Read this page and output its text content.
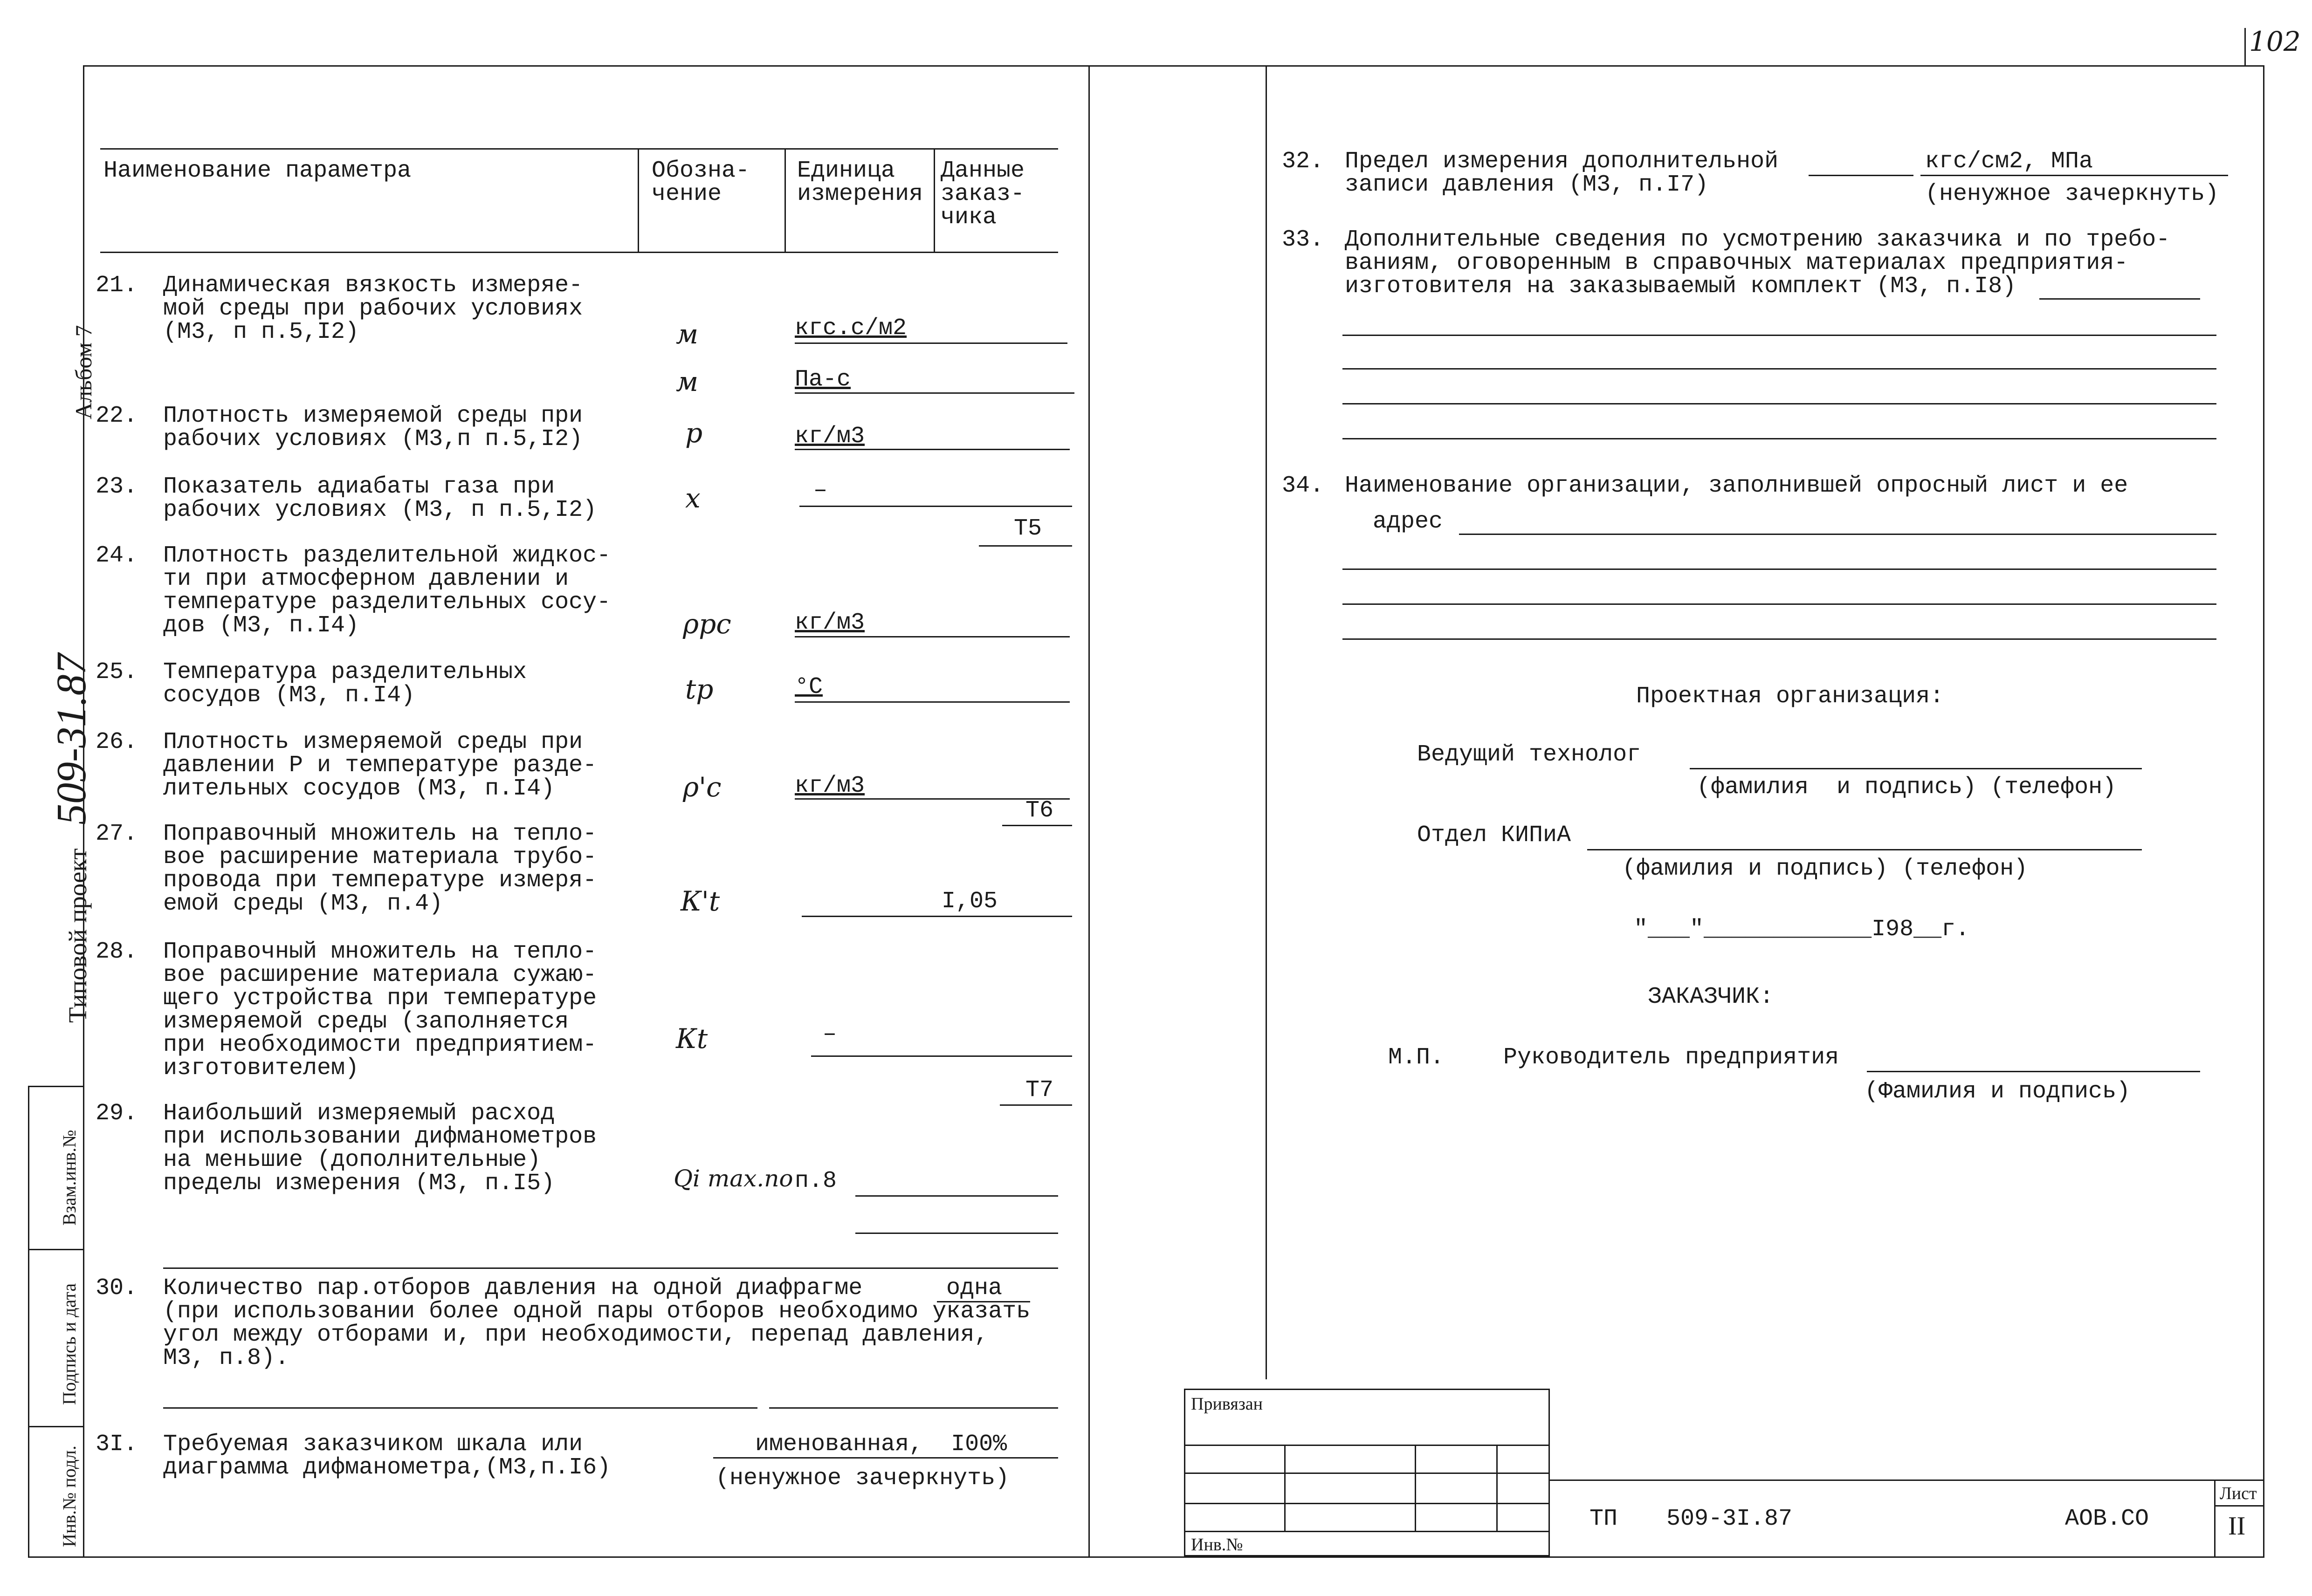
102
Альбом 7
509-31.87
Типовой проект
Взам.инв.№
Подпись и дата
Инв.№ подл.
Наименование параметра	Обозна-
чение
Единица
измерения
Данные
заказ-
чика
21. Динамическая вязкость измеряе-
мой среды при рабочих условиях
(М3, п п.5,I2)	м	кгс.с/м2
м	Па-с
22. Плотность измеряемой среды при
рабочих условиях (М3,п п.5,I2)	р	кг/м3
23. Показатель адиабаты газа при
рабочих условиях (М3, п п.5,I2)	х	–
Т5
24. Плотность разделительной жидкос-
ти при атмосферном давлении и
температуре разделительных сосу-
дов (М3, п.I4)	ρрс	кг/м3
25. Температура разделительных
сосудов (М3, п.I4)	tр	°С
26. Плотность измеряемой среды при
давлении Р и температуре разде-
лительных сосудов (М3, п.I4)	ρ'с	кг/м3
Т6
27. Поправочный множитель на тепло-
вое расширение материала трубо-
провода при температуре измеря-
емой среды (М3, п.4)	К't	I,05
28. Поправочный множитель на тепло-
вое расширение материала сужаю-
щего устройства при температуре
измеряемой среды (заполняется
при необходимости предприятием-
изготовителем)
Кt	–
Т7
29. Наибольший измеряемый расход
при использовании дифманометров
на меньшие (дополнительные)
пределы измерения (М3, п.I5)	Qi max.по п.8
30. Количество пар.отборов давления на одной диафрагме	одна
(при использовании более одной пары отборов необходимо указать
угол между отборами и, при необходимости, перепад давления,
М3, п.8).
3I. Требуемая заказчиком шкала или
диаграмма дифманометра,(М3,п.I6)
именованная,  I00%
(ненужное зачеркнуть)
32. Предел измерения дополнительной
записи давления (М3, п.I7)
кгс/см2, МПа
(ненужное зачеркнуть)
33. Дополнительные сведения по усмотрению заказчика и по требо-
ваниям, оговоренным в справочных материалах предприятия-
изготовителя на заказываемый комплект (М3, п.I8)
34. Наименование организации, заполнившей опросный лист и ее
адрес
Проектная организация:
Ведущий технолог
(фамилия  и подпись) (телефон)
Отдел КИПиА
(фамилия и подпись) (телефон)
"___"____________I98__г.
ЗАКАЗЧИК:
М.П.	Руководитель предприятия
(Фамилия и подпись)
Привязан
Инв.№
ТП 509-3I.87	АОВ.СО
Лист
II
